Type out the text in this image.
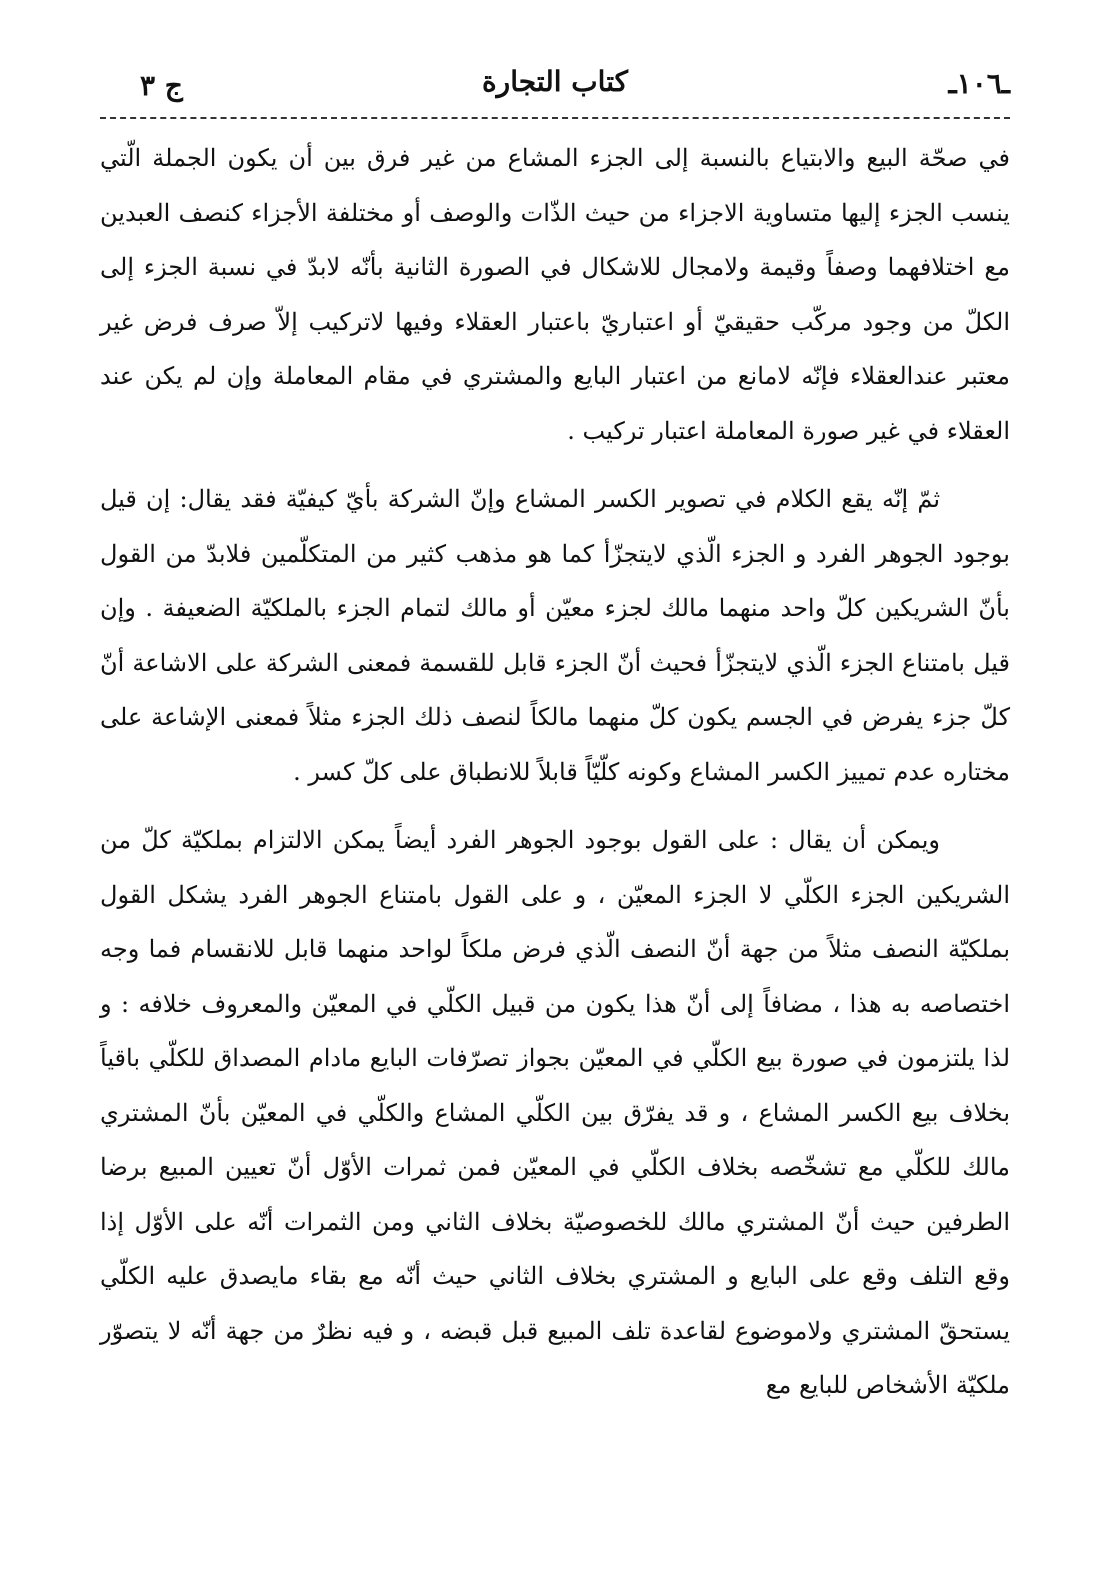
ـ١٠٦ـ
كتاب التجارة
ج ٣

في صحّة البيع والابتياع بالنسبة إلى الجزء المشاع من غير فرق بين أن يكون الجملة الّتي ينسب الجزء إليها متساوية الاجزاء من حيث الذّات والوصف أو مختلفة الأجزاء كنصف العبدين مع اختلافهما وصفاً وقيمة ولامجال للاشكال في الصورة الثانية بأنّه لابدّ في نسبة الجزء إلى الكلّ من وجود مركّب حقيقيّ أو اعتباريّ باعتبار العقلاء وفيها لاتركيب إلاّ صرف فرض غير معتبر عندالعقلاء فإنّه لامانع من اعتبار البايع والمشتري في مقام المعاملة وإن لم يكن عند العقلاء في غير صورة المعاملة اعتبار تركيب .

ثمّ إنّه يقع الكلام في تصوير الكسر المشاع وإنّ الشركة بأيّ كيفيّة فقد يقال: إن قيل بوجود الجوهر الفرد و الجزء الّذي لايتجزّأ كما هو مذهب كثير من المتكلّمين فلابدّ من القول بأنّ الشريكين كلّ واحد منهما مالك لجزء معيّن أو مالك لتمام الجزء بالملكيّة الضعيفة . وإن قيل بامتناع الجزء الّذي لايتجزّأ فحيث أنّ الجزء قابل للقسمة فمعنى الشركة على الاشاعة أنّ كلّ جزء يفرض في الجسم يكون كلّ منهما مالكاً لنصف ذلك الجزء مثلاً فمعنى الإشاعة على مختاره عدم تمييز الكسر المشاع وكونه كلّيّاً قابلاً للانطباق على كلّ كسر .

ويمكن أن يقال : على القول بوجود الجوهر الفرد أيضاً يمكن الالتزام بملكيّة كلّ من الشريكين الجزء الكلّي لا الجزء المعيّن ، و على القول بامتناع الجوهر الفرد يشكل القول بملكيّة النصف مثلاً من جهة أنّ النصف الّذي فرض ملكاً لواحد منهما قابل للانقسام فما وجه اختصاصه به هذا ، مضافاً إلى أنّ هذا يكون من قبيل الكلّي في المعيّن والمعروف خلافه : و لذا يلتزمون في صورة بيع الكلّي في المعيّن بجواز تصرّفات البايع مادام المصداق للكلّي باقياً بخلاف بيع الكسر المشاع ، و قد يفرّق بين الكلّي المشاع والكلّي في المعيّن بأنّ المشتري مالك للكلّي مع تشخّصه بخلاف الكلّي في المعيّن فمن ثمرات الأوّل أنّ تعيين المبيع برضا الطرفين حيث أنّ المشتري مالك للخصوصيّة بخلاف الثاني ومن الثمرات أنّه على الأوّل إذا وقع التلف وقع على البايع و المشتري بخلاف الثاني حيث أنّه مع بقاء مايصدق عليه الكلّي يستحقّ المشتري ولاموضوع لقاعدة تلف المبيع قبل قبضه ، و فيه نظرٌ من جهة أنّه لا يتصوّر ملكيّة الأشخاص للبايع مع
